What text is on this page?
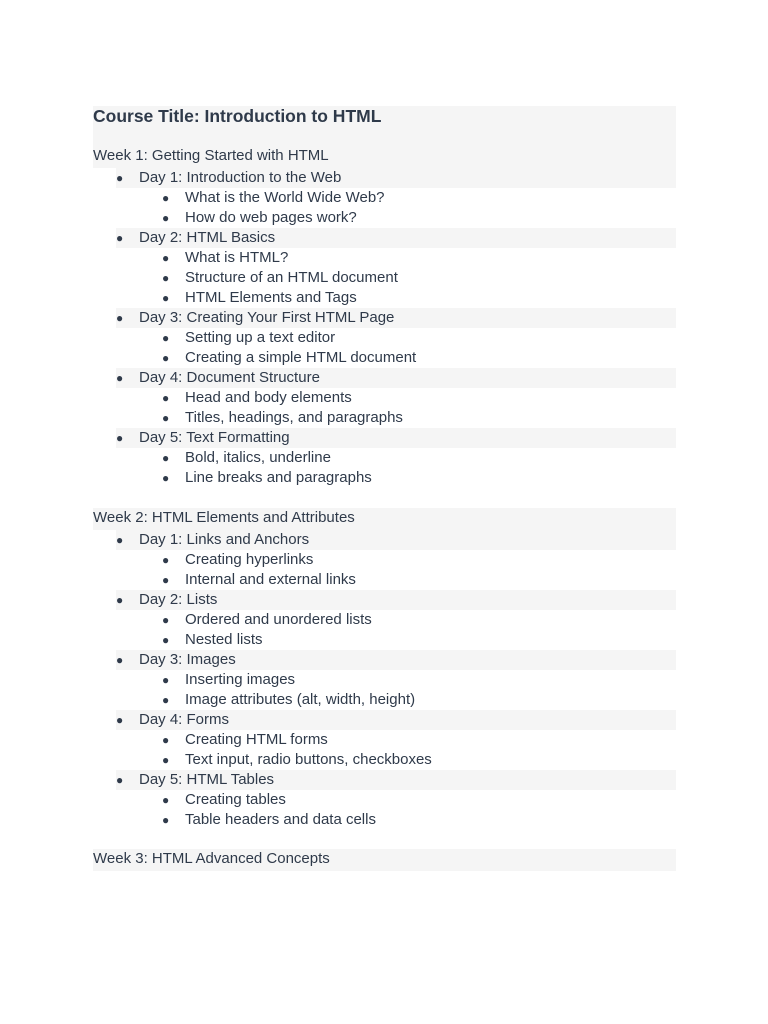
Course Title: Introduction to HTML
Week 1: Getting Started with HTML
● Day 1: Introduction to the Web
● What is the World Wide Web?
● How do web pages work?
● Day 2: HTML Basics
● What is HTML?
● Structure of an HTML document
● HTML Elements and Tags
● Day 3: Creating Your First HTML Page
● Setting up a text editor
● Creating a simple HTML document
● Day 4: Document Structure
● Head and body elements
● Titles, headings, and paragraphs
● Day 5: Text Formatting
● Bold, italics, underline
● Line breaks and paragraphs
Week 2: HTML Elements and Attributes
● Day 1: Links and Anchors
● Creating hyperlinks
● Internal and external links
● Day 2: Lists
● Ordered and unordered lists
● Nested lists
● Day 3: Images
● Inserting images
● Image attributes (alt, width, height)
● Day 4: Forms
● Creating HTML forms
● Text input, radio buttons, checkboxes
● Day 5: HTML Tables
● Creating tables
● Table headers and data cells
Week 3: HTML Advanced Concepts
